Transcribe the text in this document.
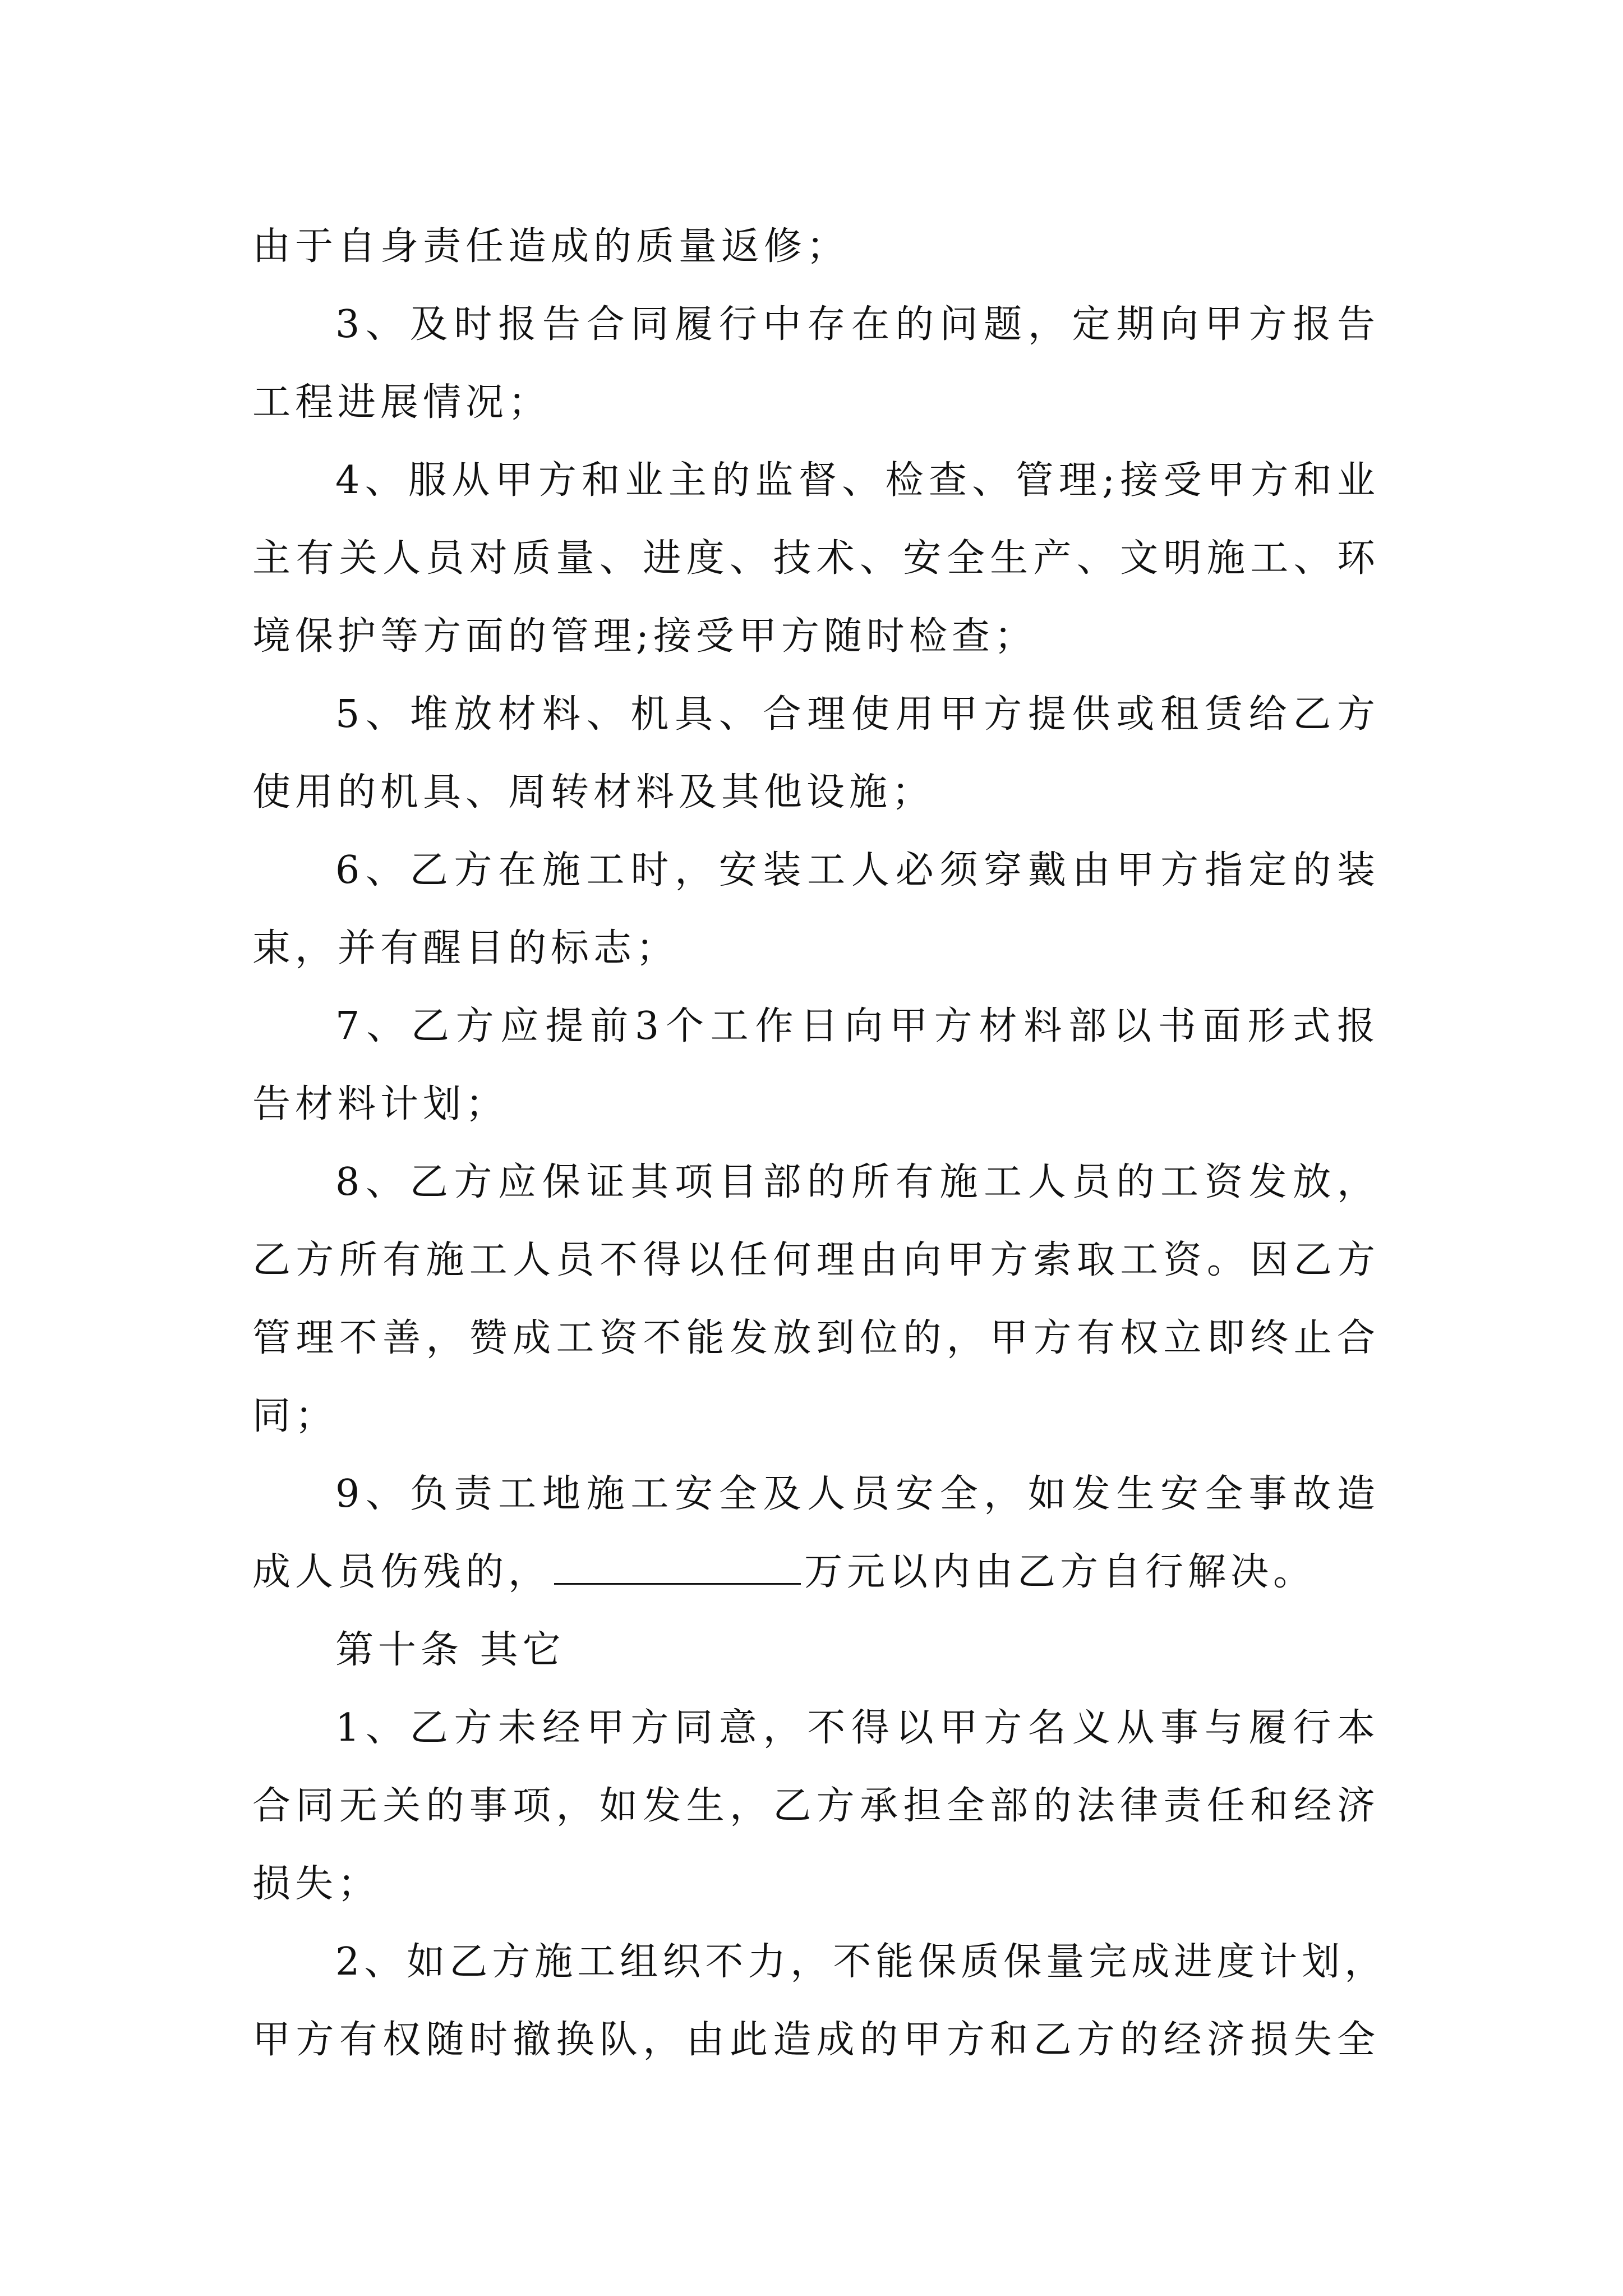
由于自身责任造成的质量返修；
3、及时报告合同履行中存在的问题，定期向甲方报告
工程进展情况；
4、服从甲方和业主的监督、检查、管理;接受甲方和业
主有关人员对质量、进度、技术、安全生产、文明施工、环
境保护等方面的管理;接受甲方随时检查；
5、堆放材料、机具、合理使用甲方提供或租赁给乙方
使用的机具、周转材料及其他设施；
6、乙方在施工时，安装工人必须穿戴由甲方指定的装
束，并有醒目的标志；
7、乙方应提前3个工作日向甲方材料部以书面形式报
告材料计划；
8、乙方应保证其项目部的所有施工人员的工资发放，
乙方所有施工人员不得以任何理由向甲方索取工资。因乙方
管理不善，赞成工资不能发放到位的，甲方有权立即终止合
同；
9、负责工地施工安全及人员安全，如发生安全事故造
成人员伤残的，	万元以内由乙方自行解决。
第十条 其它
1、乙方未经甲方同意，不得以甲方名义从事与履行本
合同无关的事项，如发生，乙方承担全部的法律责任和经济
损失；
2、如乙方施工组织不力，不能保质保量完成进度计划，
甲方有权随时撤换队，由此造成的甲方和乙方的经济损失全
